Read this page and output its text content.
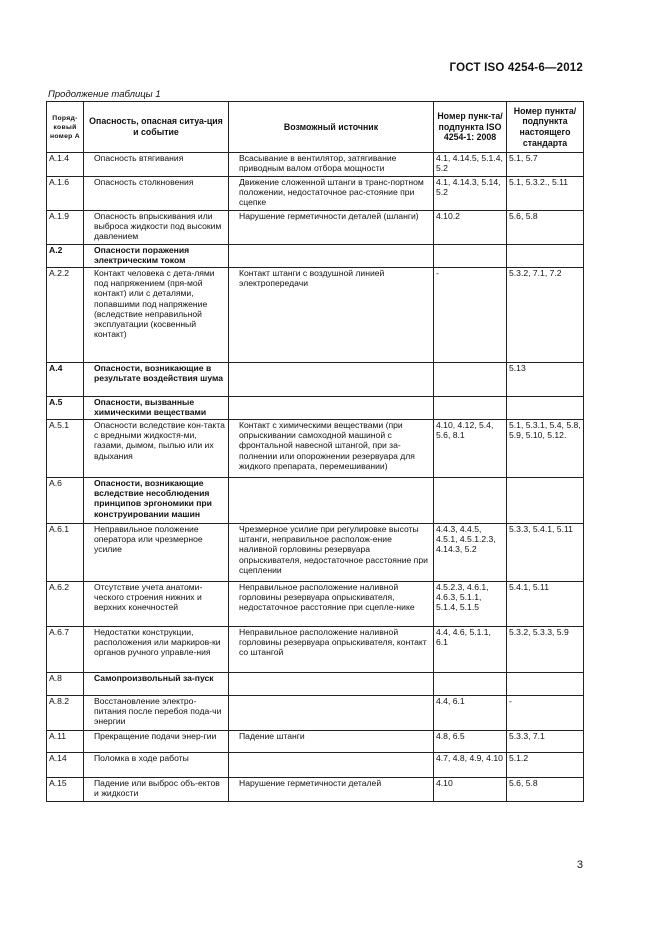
ГОСТ ISO 4254-6—2012
Продолжение таблицы 1
Поряд-ковый номер А	Опасность, опасная ситуа-ция и событие	Возможный источник	Номер пунк-та/ подпункта ISO 4254-1: 2008	Номер пункта/ подпункта настоящего стандарта
А.1.4	Опасность втягивания	Всасывание в вентилятор, затягивание приводным валом отбора мощности	4.1, 4.14.5, 5.1.4, 5.2	5.1, 5.7
А.1.6	Опасность столкновения	Движение сложенной штанги в транс-портном положении, недостаточное рас-стояние при сцепке	4.1, 4.14.3, 5.14, 5.2	5.1, 5.3.2., 5.11
А.1.9	Опасность впрыскивания или выброса жидкости под высоким давлением	Нарушение герметичности деталей (шланги)	4.10.2	5.6, 5.8
А.2	Опасности поражения электрическим током			
А.2.2	Контакт человека с дета-лями под напряжением (пря-мой контакт) или с деталями, попавшими под напряжение (вследствие неправильной эксплуатации (косвенный контакт)	Контакт штанги с воздушной линией электропередачи	-	5.3.2, 7.1, 7.2
А.4	Опасности, возникающие в результате воздействия шума			5.13
А.5	Опасности, вызванные химическими веществами			
А.5.1	Опасности вследствие кон-такта с вредными жидкостя-ми, газами, дымом, пылью или их вдыхания	Контакт с химическими веществами (при опрыскивании самоходной машиной с фронтальной навесной штангой, при за-полнении или опорожнении резервуара для жидкого препарата, перемешивании)	4.10, 4.12, 5.4, 5.6, 8.1	5.1, 5.3.1, 5.4, 5.8, 5.9, 5.10, 5.12.
А.6	Опасности, возникающие вследствие несоблюдения принципов эргономики при конструировании машин			
А.6.1	Неправильное положение оператора или чрезмерное усилие	Чрезмерное усилие при регулировке высоты штанги, неправильное располож-ение наливной горловины резервуара опрыскивателя, недостаточное расстояние при сцеплении	4.4.3, 4.4.5, 4.5.1, 4.5.1.2.3, 4.14.3, 5.2	5.3.3, 5.4.1, 5.11
А.6.2	Отсутствие учета анатоми-ческого строения нижних и верхних конечностей	Неправильное расположение наливной горловины резервуара опрыскивателя, недостаточное расстояние при сцепле-нике	4.5.2.3, 4.6.1, 4.6.3, 5.1.1, 5.1.4, 5.1.5	5.4.1, 5.11
А.6.7	Недостатки конструкции, расположения или маркиров-ки органов ручного управле-ния	Неправильное расположение наливной горловины резервуара опрыскивателя, контакт со штангой	4.4, 4.6, 5.1.1, 6.1	5.3.2, 5.3.3, 5.9
А.8	Самопроизвольный за-пуск			
А.8.2	Восстановление электро-питания после перебоя пода-чи энергии		4.4, 6.1	-
А.11	Прекращение подачи энер-гии	Падение штанги	4.8, 6.5	5.3.3, 7.1
А.14	Поломка в ходе работы		4.7, 4.8, 4.9, 4.10	5.1.2
А.15	Падение или выброс объ-ектов и жидкости	Нарушение герметичности деталей	4.10	5.6, 5.8
3
